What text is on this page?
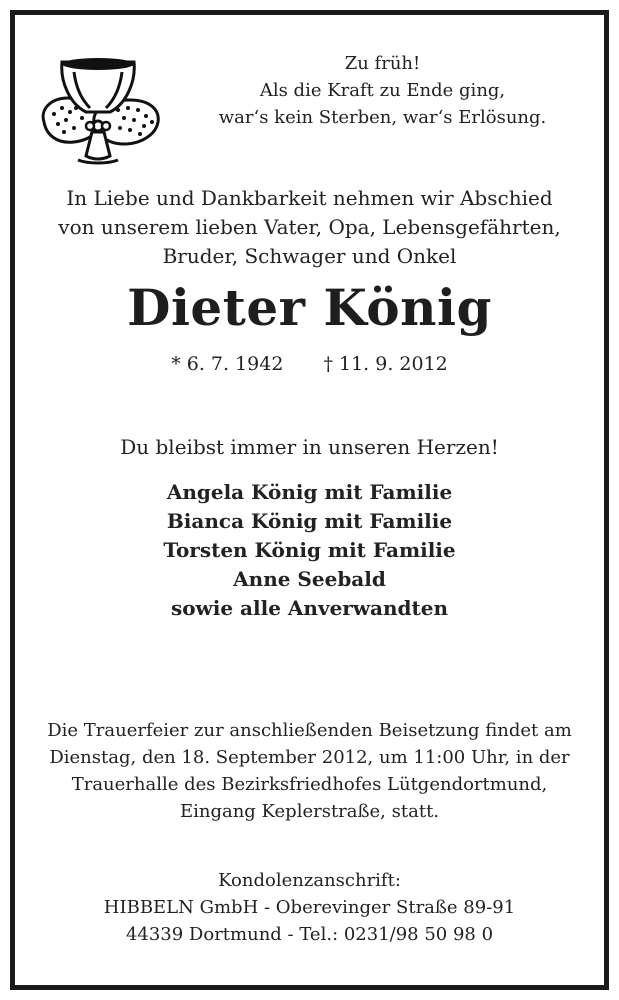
Zu früh!
Als die Kraft zu Ende ging,
war‘s kein Sterben, war‘s Erlösung.
In Liebe und Dankbarkeit nehmen wir Abschied
von unserem lieben Vater, Opa, Lebensgefährten,
Bruder, Schwager und Onkel
Dieter König
* 6. 7. 1942 † 11. 9. 2012
Du bleibst immer in unseren Herzen!
Angela König mit Familie
Bianca König mit Familie
Torsten König mit Familie
Anne Seebald
sowie alle Anverwandten
Die Trauerfeier zur anschließenden Beisetzung findet am
Dienstag, den 18. September 2012, um 11:00 Uhr, in der
Trauerhalle des Bezirksfriedhofes Lütgendortmund,
Eingang Keplerstraße, statt.
Kondolenzanschrift:
HIBBELN GmbH - Oberevinger Straße 89-91
44339 Dortmund - Tel.: 0231/98 50 98 0
